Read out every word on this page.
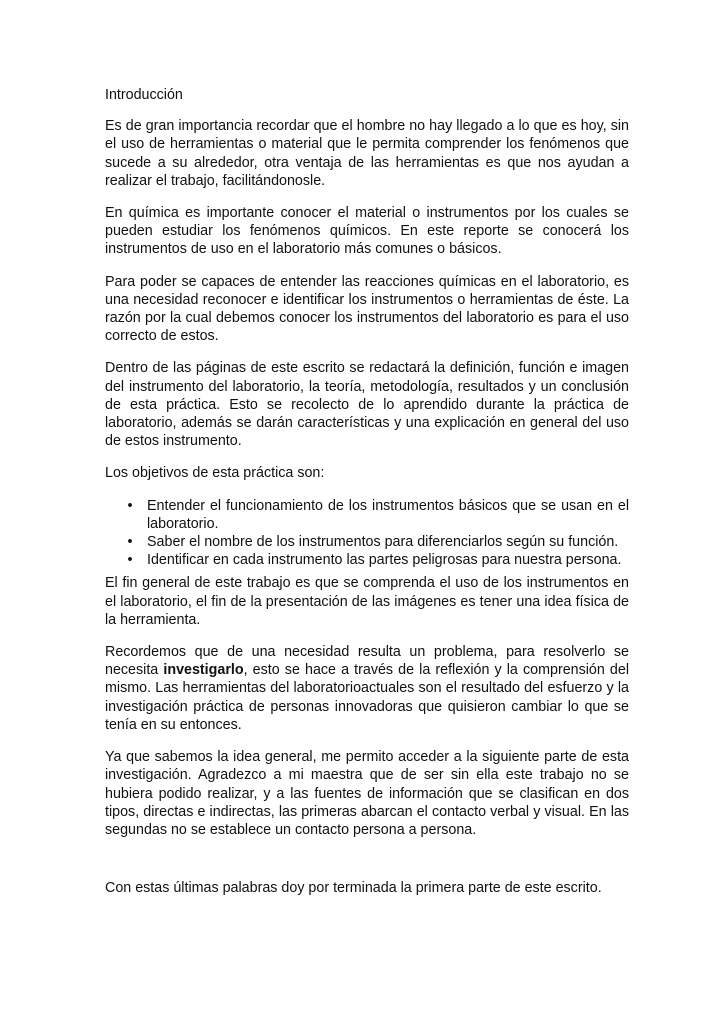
Introducción

Es de gran importancia recordar que el hombre no hay llegado a lo que es hoy, sin el uso de herramientas o material que le permita comprender los fenómenos que sucede a su alrededor, otra ventaja de las herramientas es que nos ayudan a realizar el trabajo, facilitándonosle.

En química es importante conocer el material o instrumentos por los cuales se pueden estudiar los fenómenos químicos. En este reporte se conocerá los instrumentos de uso en el laboratorio más comunes o básicos.

Para poder se capaces de entender las reacciones químicas en el laboratorio, es una necesidad reconocer e identificar los instrumentos o herramientas de éste. La razón por la cual debemos conocer los instrumentos del laboratorio es para el uso correcto de estos.

Dentro de las páginas de este escrito se redactará la definición, función e imagen del instrumento del laboratorio, la teoría, metodología, resultados y un conclusión de esta práctica. Esto se recolecto de lo aprendido durante la práctica de laboratorio, además se darán características y una explicación en general del uso de estos instrumento.

Los objetivos de esta práctica son:

• Entender el funcionamiento de los instrumentos básicos que se usan en el laboratorio.
• Saber el nombre de los instrumentos para diferenciarlos según su función.
• Identificar en cada instrumento las partes peligrosas para nuestra persona.

El fin general de este trabajo es que se comprenda el uso de los instrumentos en el laboratorio, el fin de la presentación de las imágenes es tener una idea física de la herramienta.

Recordemos que de una necesidad resulta un problema, para resolverlo se necesita investigarlo, esto se hace a través de la reflexión y la comprensión del mismo. Las herramientas del laboratorioactuales son el resultado del esfuerzo y la investigación práctica de personas innovadoras que quisieron cambiar lo que se tenía en su entonces.

Ya que sabemos la idea general, me permito acceder a la siguiente parte de esta investigación. Agradezco a mi maestra que de ser sin ella este trabajo no se hubiera podido realizar, y a las fuentes de información que se clasifican en dos tipos, directas e indirectas, las primeras abarcan el contacto verbal y visual. En las segundas no se establece un contacto persona a persona.

Con estas últimas palabras doy por terminada la primera parte de este escrito.
